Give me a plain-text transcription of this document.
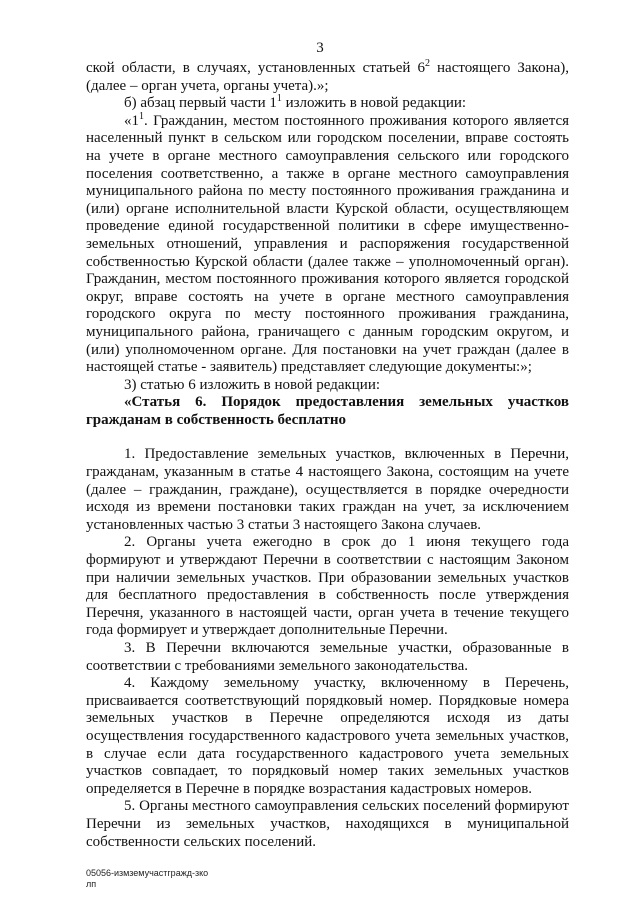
3

ской области, в случаях, установленных статьей $6^2$ настоящего Закона), (далее – орган учета, органы учета).»;

б) абзац первый части $1^1$ изложить в новой редакции:

«$1^1$. Гражданин, местом постоянного проживания которого является населенный пункт в сельском или городском поселении, вправе состоять на учете в органе местного самоуправления сельского или городского поселения соответственно, а также в органе местного самоуправления муниципального района по месту постоянного проживания гражданина и (или) органе исполнительной власти Курской области, осуществляющем проведение единой государственной политики в сфере имущественно-земельных отношений, управления и распоряжения государственной собственностью Курской области (далее также – уполномоченный орган). Гражданин, местом постоянного проживания которого является городской округ, вправе состоять на учете в органе местного самоуправления городского округа по месту постоянного проживания гражданина, муниципального района, граничащего с данным городским округом, и (или) уполномоченном органе. Для постановки на учет граждан (далее в настоящей статье - заявитель) представляет следующие документы:»;

3) статью 6 изложить в новой редакции:

«Статья 6. Порядок предоставления земельных участков гражданам в собственность бесплатно

1. Предоставление земельных участков, включенных в Перечни, гражданам, указанным в статье 4 настоящего Закона, состоящим на учете (далее – гражданин, граждане), осуществляется в порядке очередности исходя из времени постановки таких граждан на учет, за исключением установленных частью 3 статьи 3 настоящего Закона случаев.

2. Органы учета ежегодно в срок до 1 июня текущего года формируют и утверждают Перечни в соответствии с настоящим Законом при наличии земельных участков. При образовании земельных участков для бесплатного предоставления в собственность после утверждения Перечня, указанного в настоящей части, орган учета в течение текущего года формирует и утверждает дополнительные Перечни.

3. В Перечни включаются земельные участки, образованные в соответствии с требованиями земельного законодательства.

4. Каждому земельному участку, включенному в Перечень, присваивается соответствующий порядковый номер. Порядковые номера земельных участков в Перечне определяются исходя из даты осуществления государственного кадастрового учета земельных участков, в случае если дата государственного кадастрового учета земельных участков совпадает, то порядковый номер таких земельных участков определяется в Перечне в порядке возрастания кадастровых номеров.

5. Органы местного самоуправления сельских поселений формируют Перечни из земельных участков, находящихся в муниципальной собственности сельских поселений.

05056-измземучастгражд-зко
лп
